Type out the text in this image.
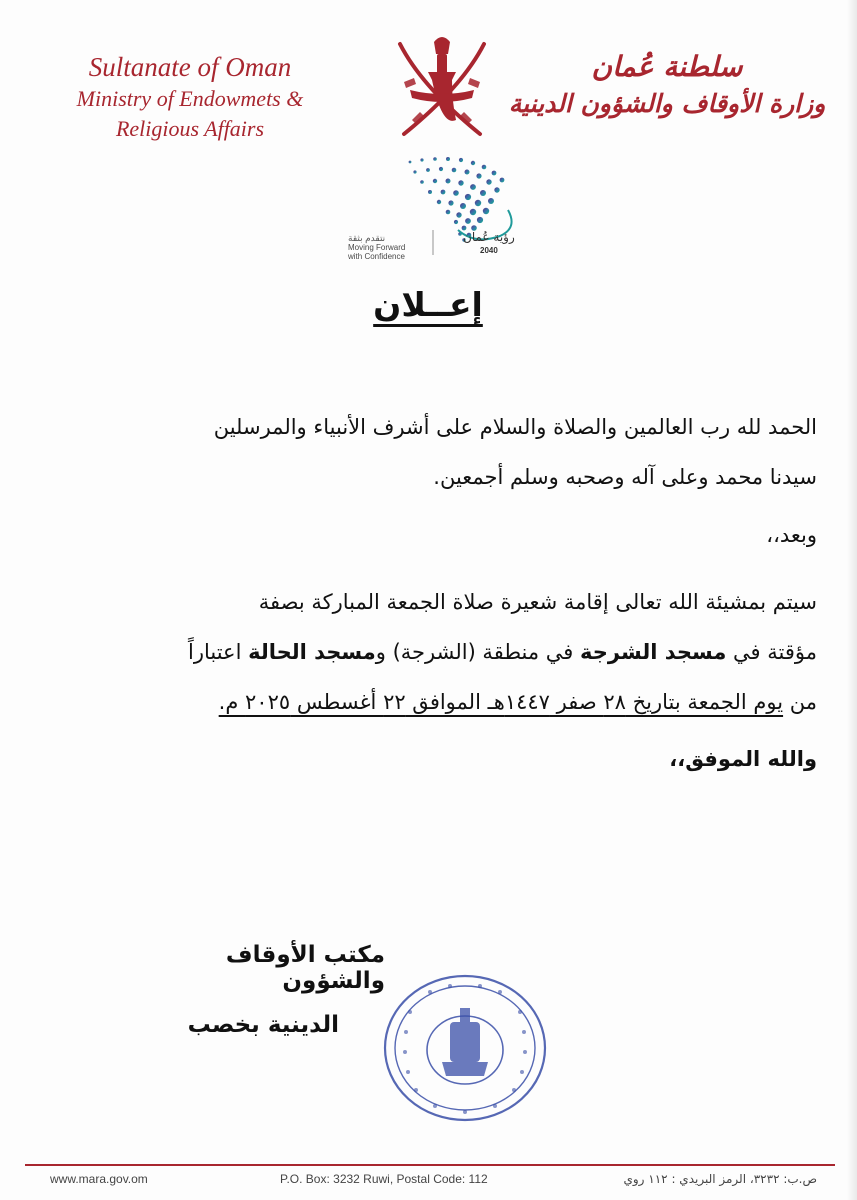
Sultanate of Oman
Ministry of Endowmets &
Religious Affairs
سلطنة عُمان
وزارة الأوقاف والشؤون الدينية
نتقدم بثقة
Moving Forward
with Confidence
رؤية عُمان
2040
إعــلان
الحمد لله رب العالمين والصلاة والسلام على أشرف الأنبياء والمرسلين
سيدنا محمد وعلى آله وصحبه وسلم أجمعين.
وبعد،،
سيتم بمشيئة الله تعالى إقامة شعيرة صلاة الجمعة المباركة بصفة
مؤقتة في مسجد الشرجة في منطقة (الشرجة) ومسجد الحالة اعتباراً
من يوم الجمعة بتاريخ ٢٨ صفر ١٤٤٧هـ الموافق ٢٢ أغسطس ٢٠٢٥ م.
والله الموفق،،
مكتب الأوقاف والشؤون
الدينية بخصب
www.mara.gov.om	P.O. Box: 3232 Ruwi, Postal Code: 112	ص.ب: ٣٢٣٢، الرمز البريدي : ١١٢ روي
